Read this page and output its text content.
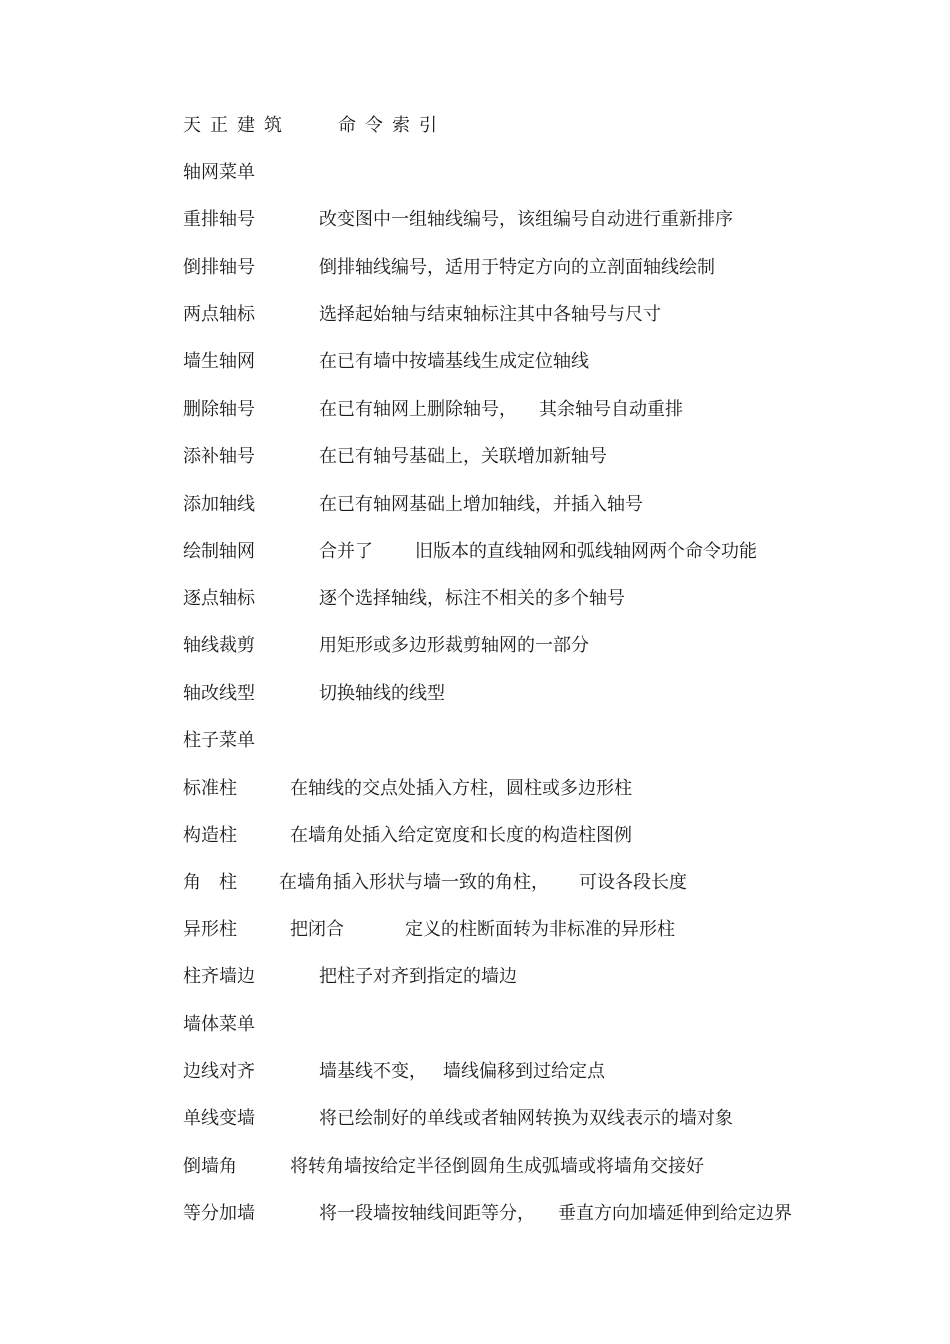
天正建筑	命令索引
轴网菜单
重排轴号	改变图中一组轴线编号，该组编号自动进行重新排序
倒排轴号	倒排轴线编号，适用于特定方向的立剖面轴线绘制
两点轴标	选择起始轴与结束轴标注其中各轴号与尺寸
墙生轴网	在已有墙中按墙基线生成定位轴线
删除轴号	在已有轴网上删除轴号， 其余轴号自动重排
添补轴号	在已有轴号基础上，关联增加新轴号
添加轴线	在已有轴网基础上增加轴线，并插入轴号
绘制轴网	合并了 旧版本的直线轴网和弧线轴网两个命令功能
逐点轴标	逐个选择轴线，标注不相关的多个轴号
轴线裁剪	用矩形或多边形裁剪轴网的一部分
轴改线型	切换轴线的线型
柱子菜单
标准柱	在轴线的交点处插入方柱，圆柱或多边形柱
构造柱	在墙角处插入给定宽度和长度的构造柱图例
角　柱 在墙角插入形状与墙一致的角柱， 可设各段长度
异形柱	把闭合	定义的柱断面转为非标准的异形柱
柱齐墙边	把柱子对齐到指定的墙边
墙体菜单
边线对齐	墙基线不变， 墙线偏移到过给定点
单线变墙	将已绘制好的单线或者轴网转换为双线表示的墙对象
倒墙角	将转角墙按给定半径倒圆角生成弧墙或将墙角交接好
等分加墙	将一段墙按轴线间距等分， 垂直方向加墙延伸到给定边界
